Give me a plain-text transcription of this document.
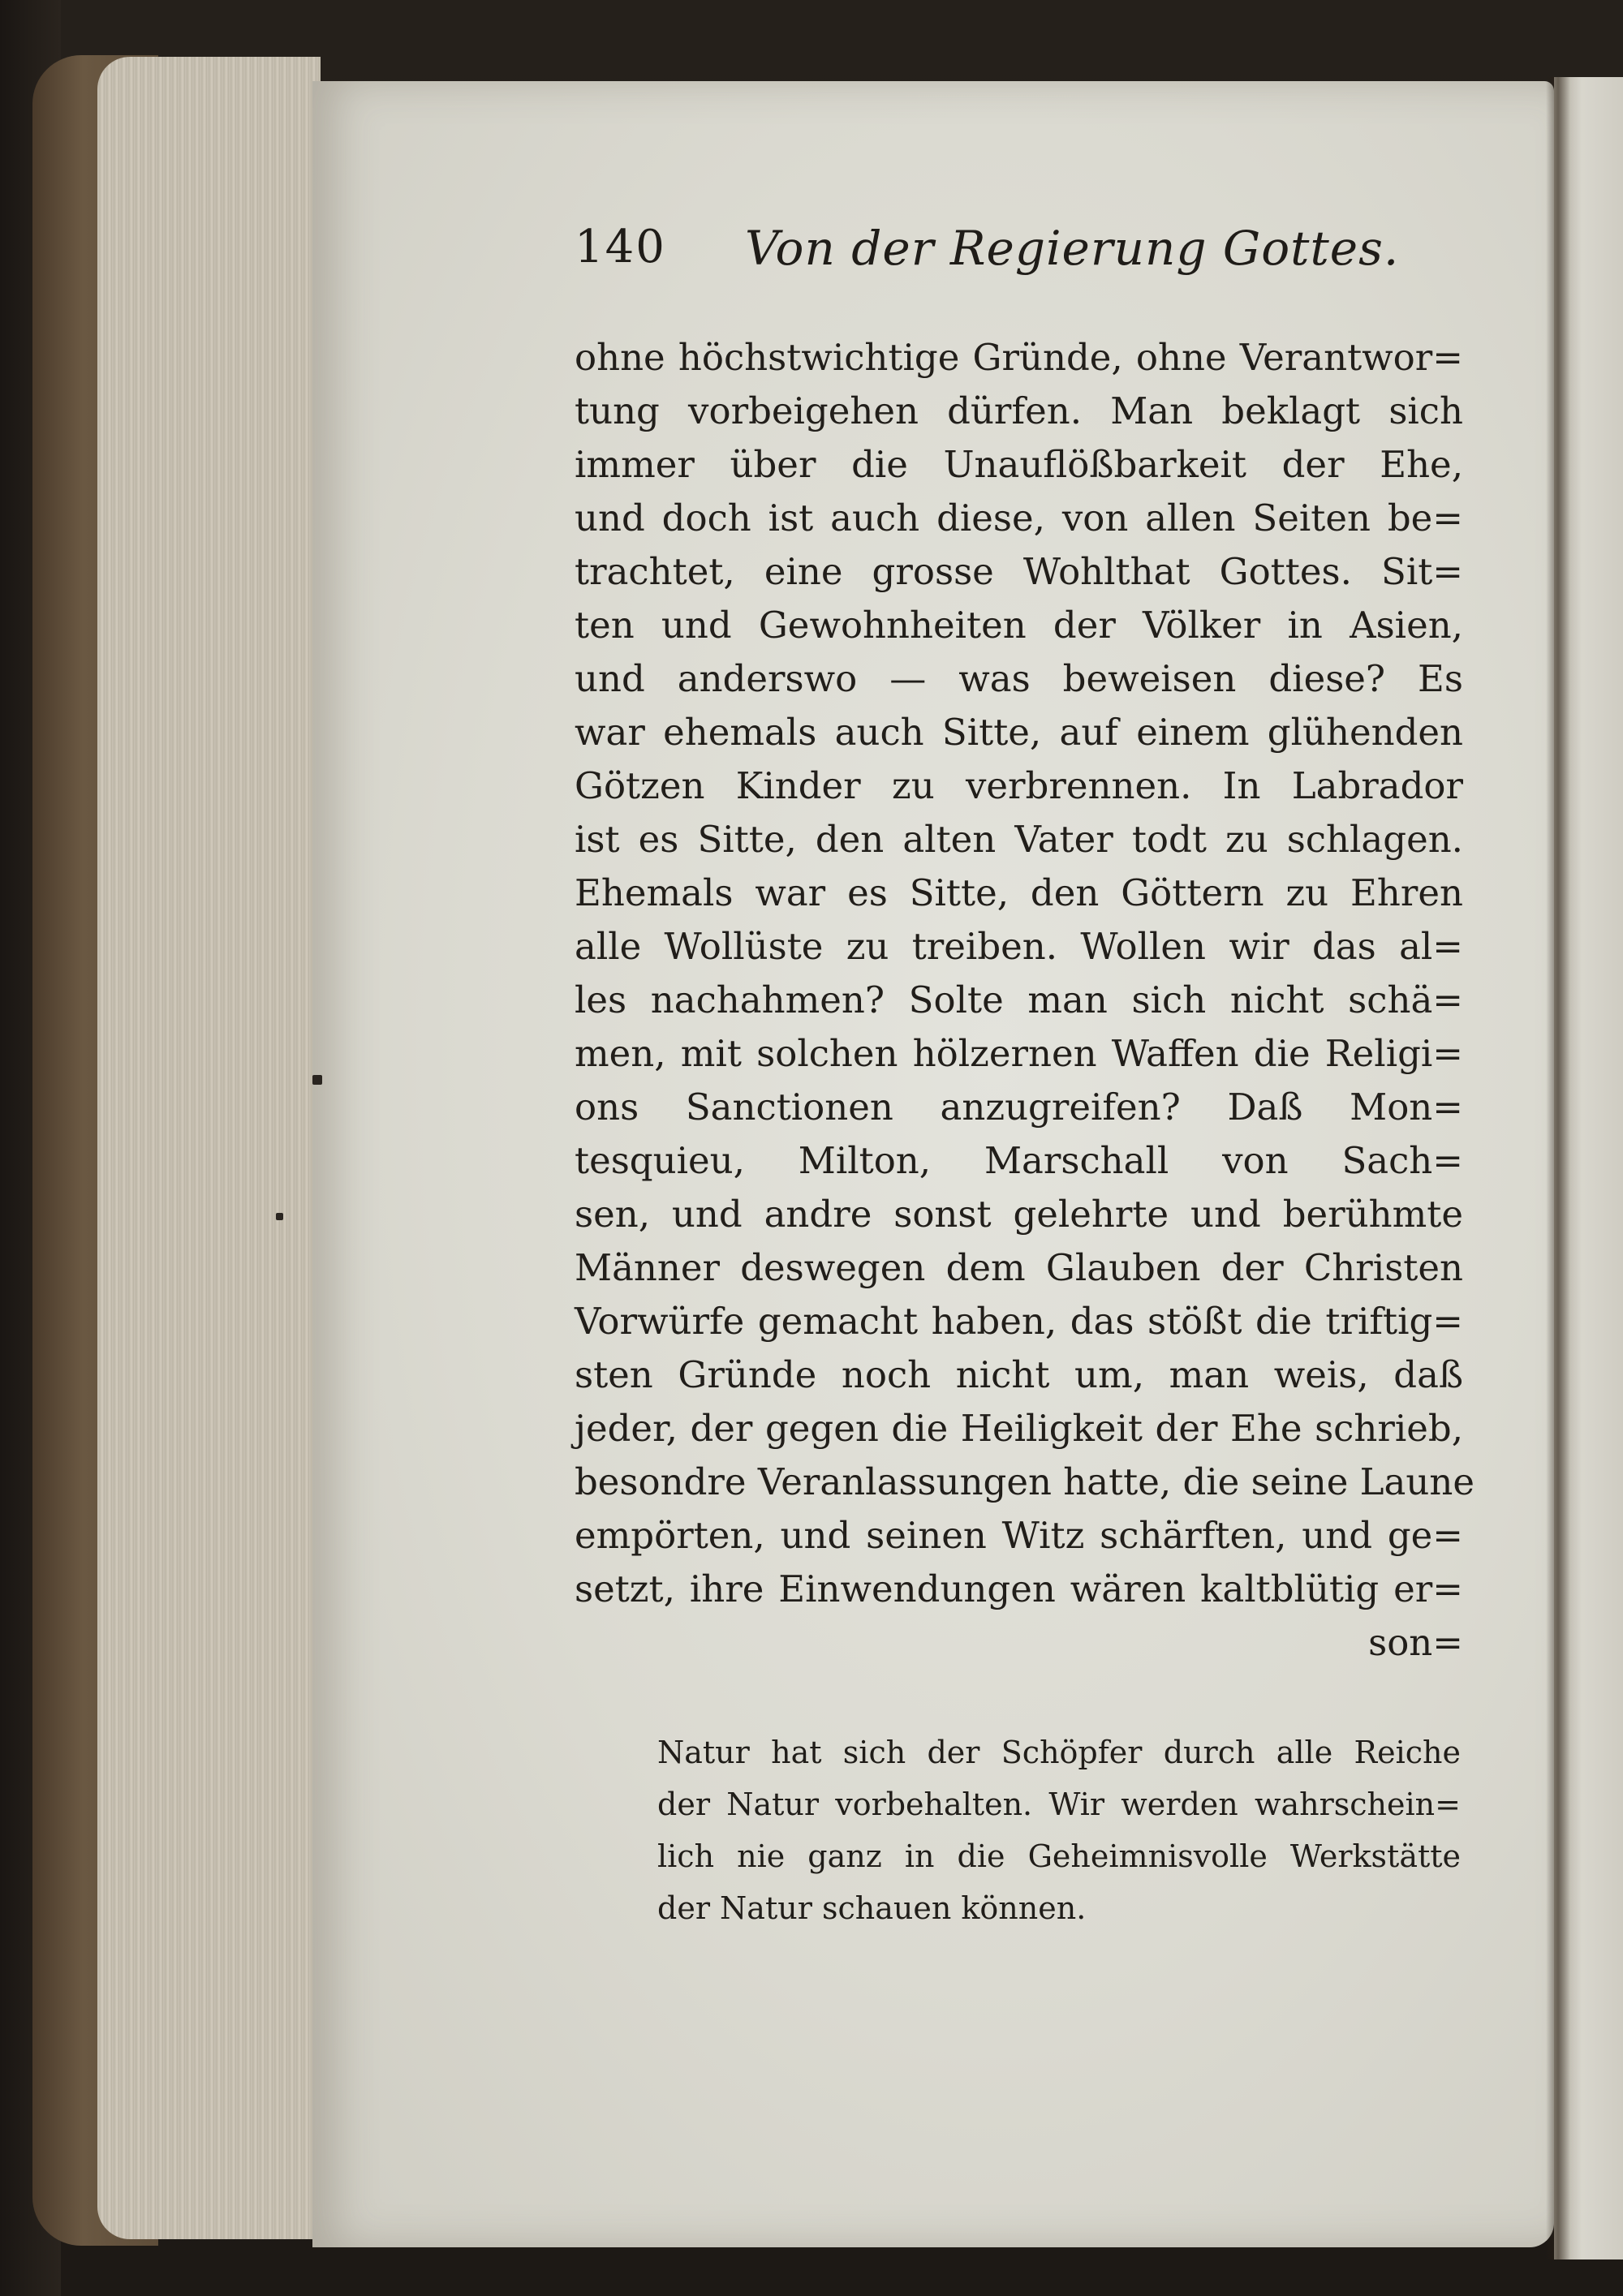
140 Von der Regierung Gottes.
ohne höchstwichtige Gründe, ohne Verantwor=
tung vorbeigehen dürfen. Man beklagt sich
immer über die Unauflößbarkeit der Ehe,
und doch ist auch diese, von allen Seiten be=
trachtet, eine grosse Wohlthat Gottes. Sit=
ten und Gewohnheiten der Völker in Asien,
und anderswo — was beweisen diese? Es
war ehemals auch Sitte, auf einem glühenden
Götzen Kinder zu verbrennen. In Labrador
ist es Sitte, den alten Vater todt zu schlagen.
Ehemals war es Sitte, den Göttern zu Ehren
alle Wollüste zu treiben. Wollen wir das al=
les nachahmen? Solte man sich nicht schä=
men, mit solchen hölzernen Waffen die Religi=
ons Sanctionen anzugreifen? Daß Mon=
tesquieu, Milton, Marschall von Sach=
sen, und andre sonst gelehrte und berühmte
Männer deswegen dem Glauben der Christen
Vorwürfe gemacht haben, das stößt die triftig=
sten Gründe noch nicht um, man weis, daß
jeder, der gegen die Heiligkeit der Ehe schrieb,
besondre Veranlassungen hatte, die seine Laune
empörten, und seinen Witz schärften, und ge=
setzt, ihre Einwendungen wären kaltblütig er=
son=
Natur hat sich der Schöpfer durch alle Reiche
der Natur vorbehalten. Wir werden wahrschein=
lich nie ganz in die Geheimnisvolle Werkstätte
der Natur schauen können.
